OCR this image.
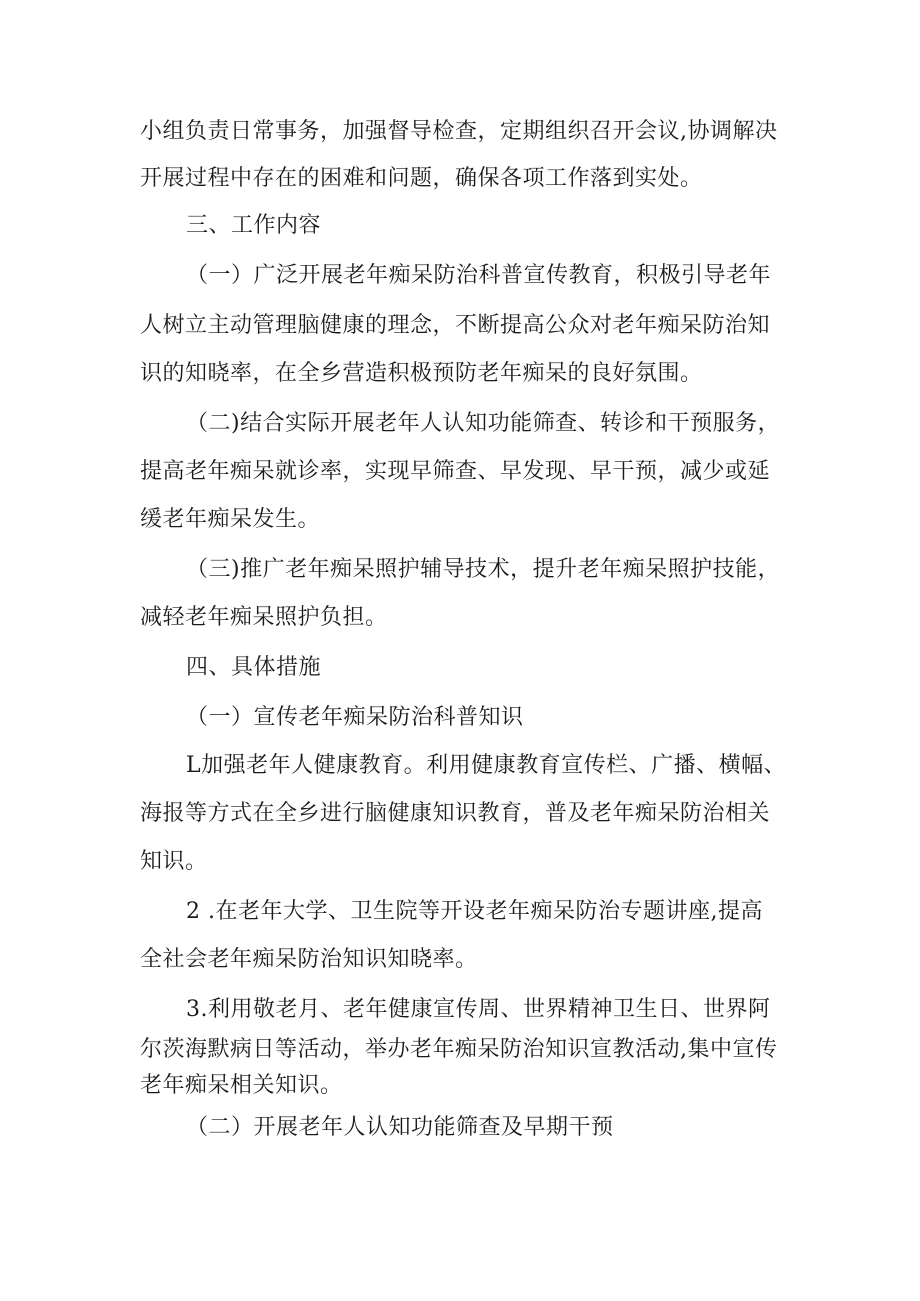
小组负责日常事务，加强督导检查，定期组织召开会议,协调解决

开展过程中存在的困难和问题，确保各项工作落到实处。

三、工作内容

（一）广泛开展老年痴呆防治科普宣传教育，积极引导老年

人树立主动管理脑健康的理念，不断提高公众对老年痴呆防治知

识的知晓率，在全乡营造积极预防老年痴呆的良好氛围。

（二)结合实际开展老年人认知功能筛查、转诊和干预服务，

提高老年痴呆就诊率，实现早筛查、早发现、早干预，减少或延

缓老年痴呆发生。

（三)推广老年痴呆照护辅导技术，提升老年痴呆照护技能，

减轻老年痴呆照护负担。

四、具体措施

（一）宣传老年痴呆防治科普知识

L加强老年人健康教育。利用健康教育宣传栏、广播、横幅、

海报等方式在全乡进行脑健康知识教育，普及老年痴呆防治相关

知识。

2 .在老年大学、卫生院等开设老年痴呆防治专题讲座,提高

全社会老年痴呆防治知识知晓率。

3.利用敬老月、老年健康宣传周、世界精神卫生日、世界阿

尔茨海默病日等活动，举办老年痴呆防治知识宣教活动,集中宣传

老年痴呆相关知识。

（二）开展老年人认知功能筛查及早期干预
